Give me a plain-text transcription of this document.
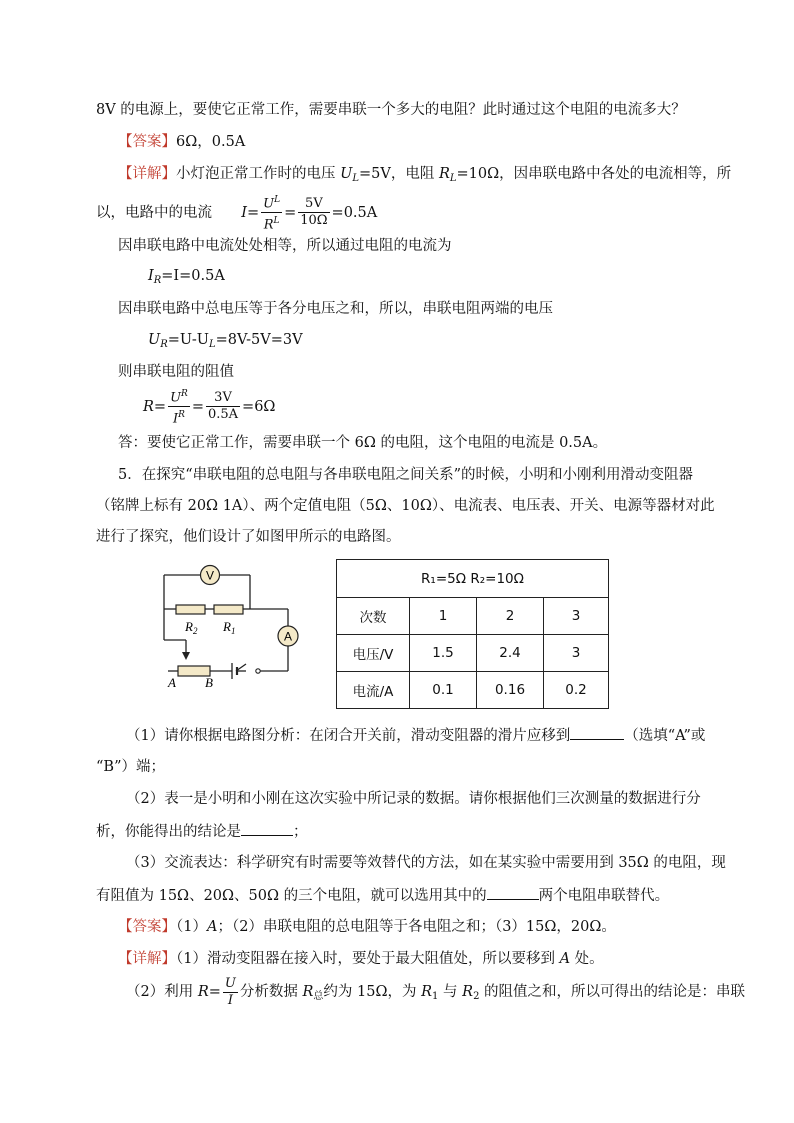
8V 的电源上，要使它正常工作，需要串联一个多大的电阻？此时通过这个电阻的电流多大？
【答案】6Ω，0.5A
【详解】小灯泡正常工作时的电压 $U_L=5V$，电阻 $R_L=10\Omega$，因串联电路中各处的电流相等，所
以，电路中的电流 $I= \frac{U^L}{R^L} = \frac{5V}{10\Omega} =0.5A$
因串联电路中电流处处相等，所以通过电阻的电流为
$I_R=I=0.5A$
因串联电路中总电压等于各分电压之和，所以，串联电阻两端的电压
$U_R=U-U_L=8V-5V=3V$
则串联电阻的阻值
$R= \frac{U^R}{I^R} = \frac{3V}{0.5A} =6\Omega$
答：要使它正常工作，需要串联一个 6Ω 的电阻，这个电阻的电流是 0.5A。
5．在探究“串联电阻的总电阻与各串联电阻之间关系”的时候，小明和小刚利用滑动变阻器
（铭牌上标有 20Ω 1A）、两个定值电阻（5Ω、10Ω）、电流表、电压表、开关、电源等器材对此
进行了探究，他们设计了如图甲所示的电路图。
V
A
$R_2$ $R_1$
A B
R₁=5Ω R₂=10Ω			
次数	1	2	3
电压/V	1.5	2.4	3
电流/A	0.1	0.16	0.2
（1）请你根据电路图分析：在闭合开关前，滑动变阻器的滑片应移到	（选填“A”或
“B”）端；
（2）表一是小明和小刚在这次实验中所记录的数据。请你根据他们三次测量的数据进行分
析，你能得出的结论是	；
（3）交流表达：科学研究有时需要等效替代的方法，如在某实验中需要用到 35Ω 的电阻，现
有阻值为 15Ω、20Ω、50Ω 的三个电阻，就可以选用其中的	两个电阻串联替代。
【答案】（1）A；（2）串联电阻的总电阻等于各电阻之和；（3）15Ω，20Ω。
【详解】（1）滑动变阻器在接入时，要处于最大阻值处，所以要移到 A 处。
（2）利用 $R= \frac{U}{I}$ 分析数据 $R_总$约为 15Ω，为 $R_1$ 与 $R_2$ 的阻值之和，所以可得出的结论是：串联
